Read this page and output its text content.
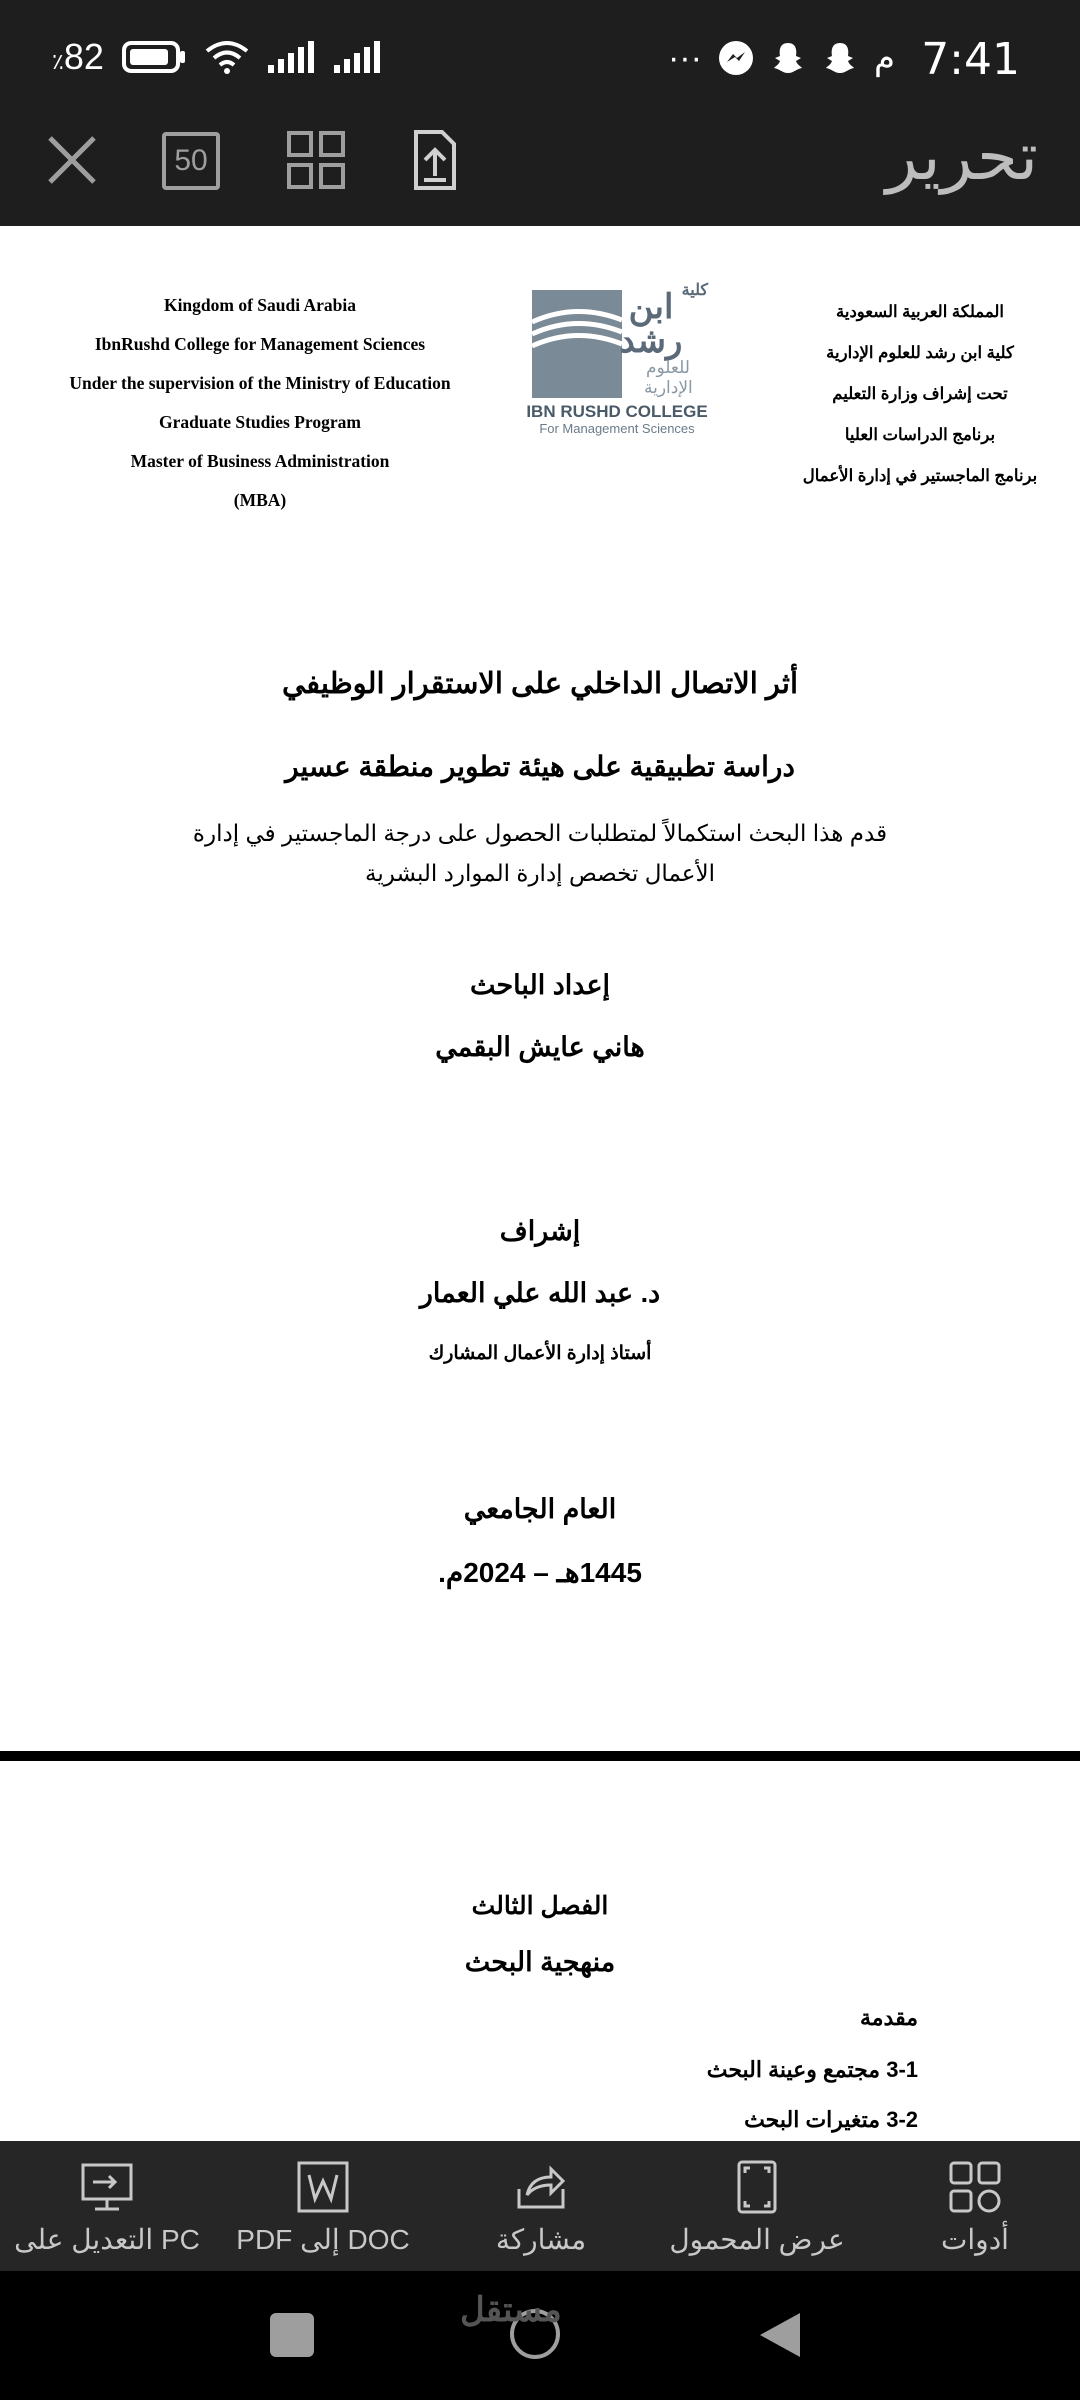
٪82	···	م 7:41
50	تحرير
Kingdom of Saudi Arabia
IbnRushd College for Management Sciences
Under the supervision of the Ministry of Education
Graduate Studies Program
Master of Business Administration
(MBA)
كلية
ابن رشد
للعلوم
الإدارية
IBN RUSHD COLLEGE
For Management Sciences
المملكة العربية السعودية
كلية ابن رشد للعلوم الإدارية
تحت إشراف وزارة التعليم
برنامج الدراسات العليا
برنامج الماجستير في إدارة الأعمال
أثر الاتصال الداخلي على الاستقرار الوظيفي
دراسة تطبيقية على هيئة تطوير منطقة عسير
قدم هذا البحث استكمالاً لمتطلبات الحصول على درجة الماجستير في إدارة
الأعمال تخصص إدارة الموارد البشرية
إعداد الباحث
هاني عايش البقمي
إشراف
د. عبد الله علي العمار
أستاذ إدارة الأعمال المشارك
العام الجامعي
1445هـ – 2024م.
الفصل الثالث
منهجية البحث
مقدمة
3-1 مجتمع وعينة البحث
3-2 متغيرات البحث
أدوات
عرض المحمول
مشاركة
PDF إلى DOC
التعديل على PC
مستقل
